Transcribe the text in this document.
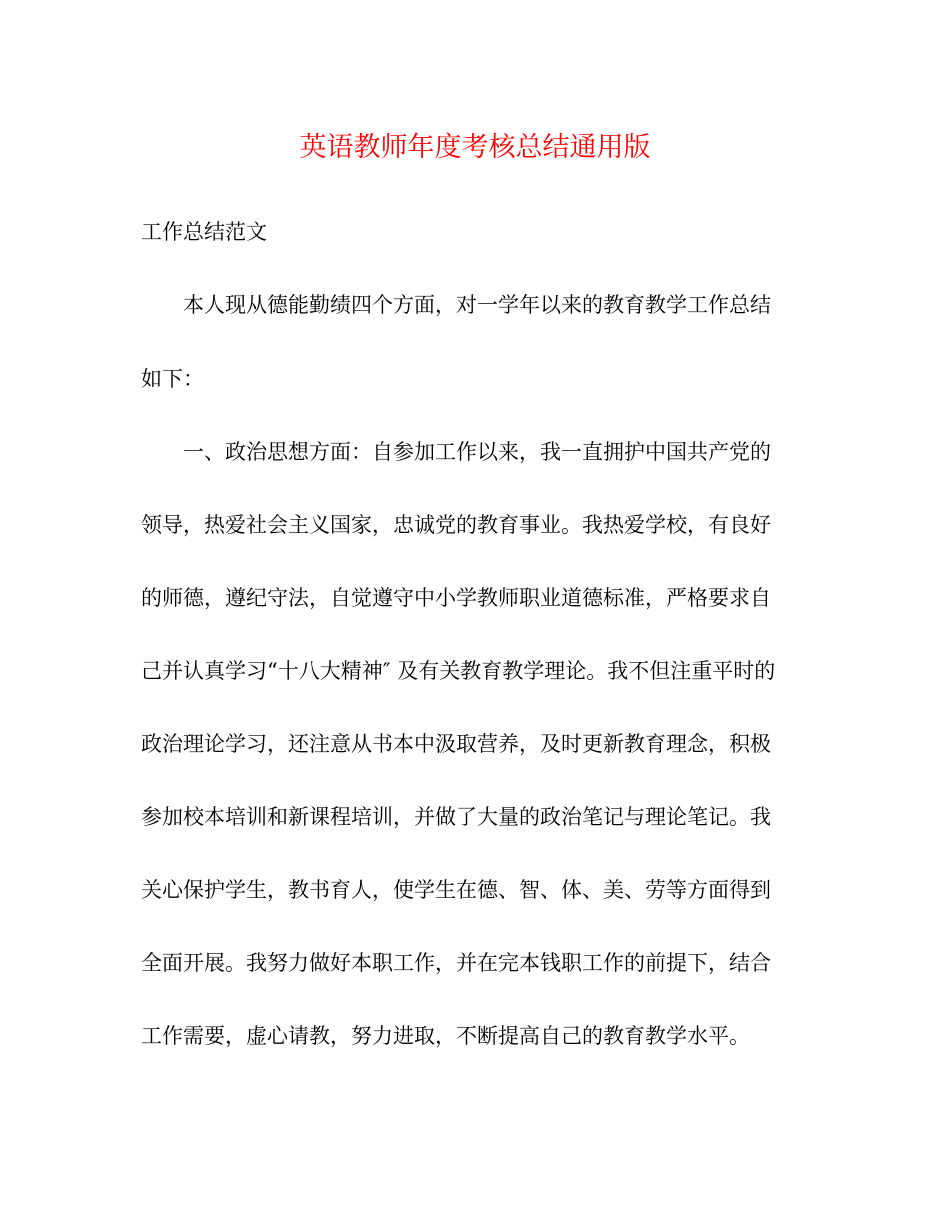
英语教师年度考核总结通用版

工作总结范文

本人现从德能勤绩四个方面，对一学年以来的教育教学工作总结

如下：

一、政治思想方面：自参加工作以来，我一直拥护中国共产党的

领导，热爱社会主义国家，忠诚党的教育事业。我热爱学校，有良好

的师德，遵纪守法，自觉遵守中小学教师职业道德标准，严格要求自

己并认真学习“十八大精神″ 及有关教育教学理论。我不但注重平时的

政治理论学习，还注意从书本中汲取营养，及时更新教育理念，积极

参加校本培训和新课程培训，并做了大量的政治笔记与理论笔记。我

关心保护学生，教书育人，使学生在德、智、体、美、劳等方面得到

全面开展。我努力做好本职工作，并在完本钱职工作的前提下，结合

工作需要，虚心请教，努力进取，不断提高自己的教育教学水平。
